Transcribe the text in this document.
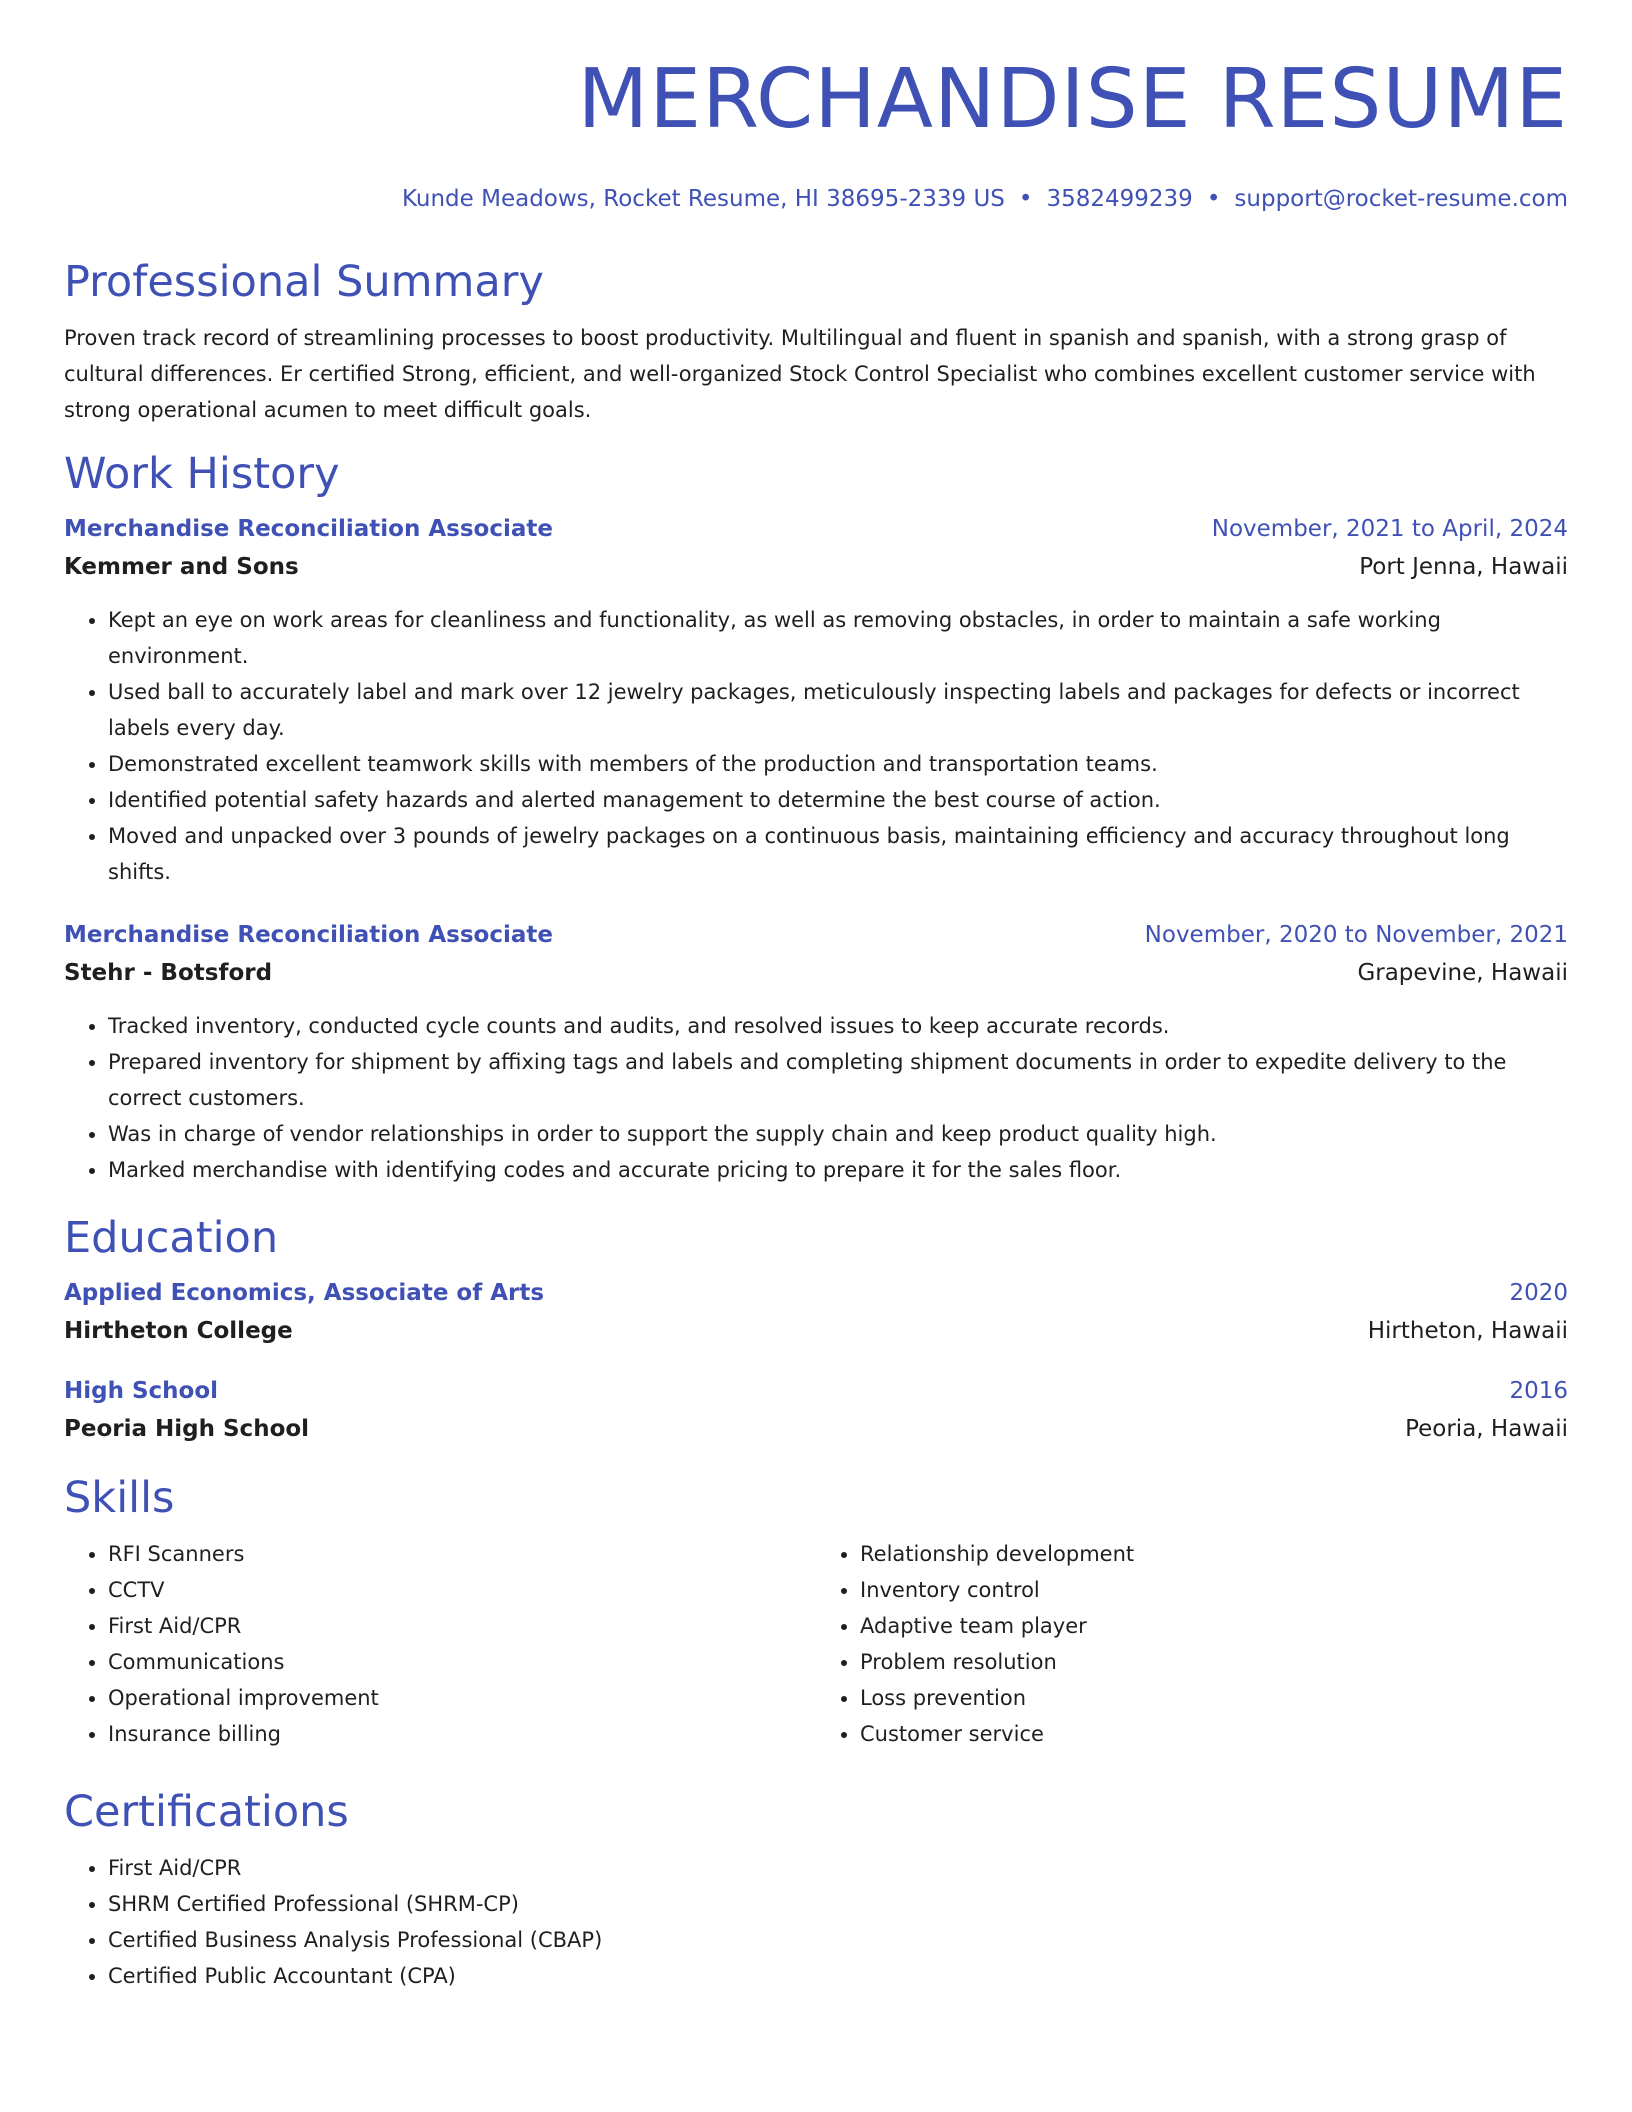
MERCHANDISE RESUME
Kunde Meadows, Rocket Resume, HI 38695-2339 US • 3582499239 • support@rocket-resume.com
Professional Summary
Proven track record of streamlining processes to boost productivity. Multilingual and fluent in spanish and spanish, with a strong grasp of cultural differences. Er certified Strong, efficient, and well-organized Stock Control Specialist who combines excellent customer service with strong operational acumen to meet difficult goals.
Work History
Merchandise Reconciliation Associate	November, 2021 to April, 2024
Kemmer and Sons	Port Jenna, Hawaii
• Kept an eye on work areas for cleanliness and functionality, as well as removing obstacles, in order to maintain a safe working environment.
• Used ball to accurately label and mark over 12 jewelry packages, meticulously inspecting labels and packages for defects or incorrect labels every day.
• Demonstrated excellent teamwork skills with members of the production and transportation teams.
• Identified potential safety hazards and alerted management to determine the best course of action.
• Moved and unpacked over 3 pounds of jewelry packages on a continuous basis, maintaining efficiency and accuracy throughout long shifts.
Merchandise Reconciliation Associate	November, 2020 to November, 2021
Stehr - Botsford	Grapevine, Hawaii
• Tracked inventory, conducted cycle counts and audits, and resolved issues to keep accurate records.
• Prepared inventory for shipment by affixing tags and labels and completing shipment documents in order to expedite delivery to the correct customers.
• Was in charge of vendor relationships in order to support the supply chain and keep product quality high.
• Marked merchandise with identifying codes and accurate pricing to prepare it for the sales floor.
Education
Applied Economics, Associate of Arts	2020
Hirtheton College	Hirtheton, Hawaii
High School	2016
Peoria High School	Peoria, Hawaii
Skills
• RFI Scanners
• CCTV
• First Aid/CPR
• Communications
• Operational improvement
• Insurance billing
• Relationship development
• Inventory control
• Adaptive team player
• Problem resolution
• Loss prevention
• Customer service
Certifications
• First Aid/CPR
• SHRM Certified Professional (SHRM-CP)
• Certified Business Analysis Professional (CBAP)
• Certified Public Accountant (CPA)
